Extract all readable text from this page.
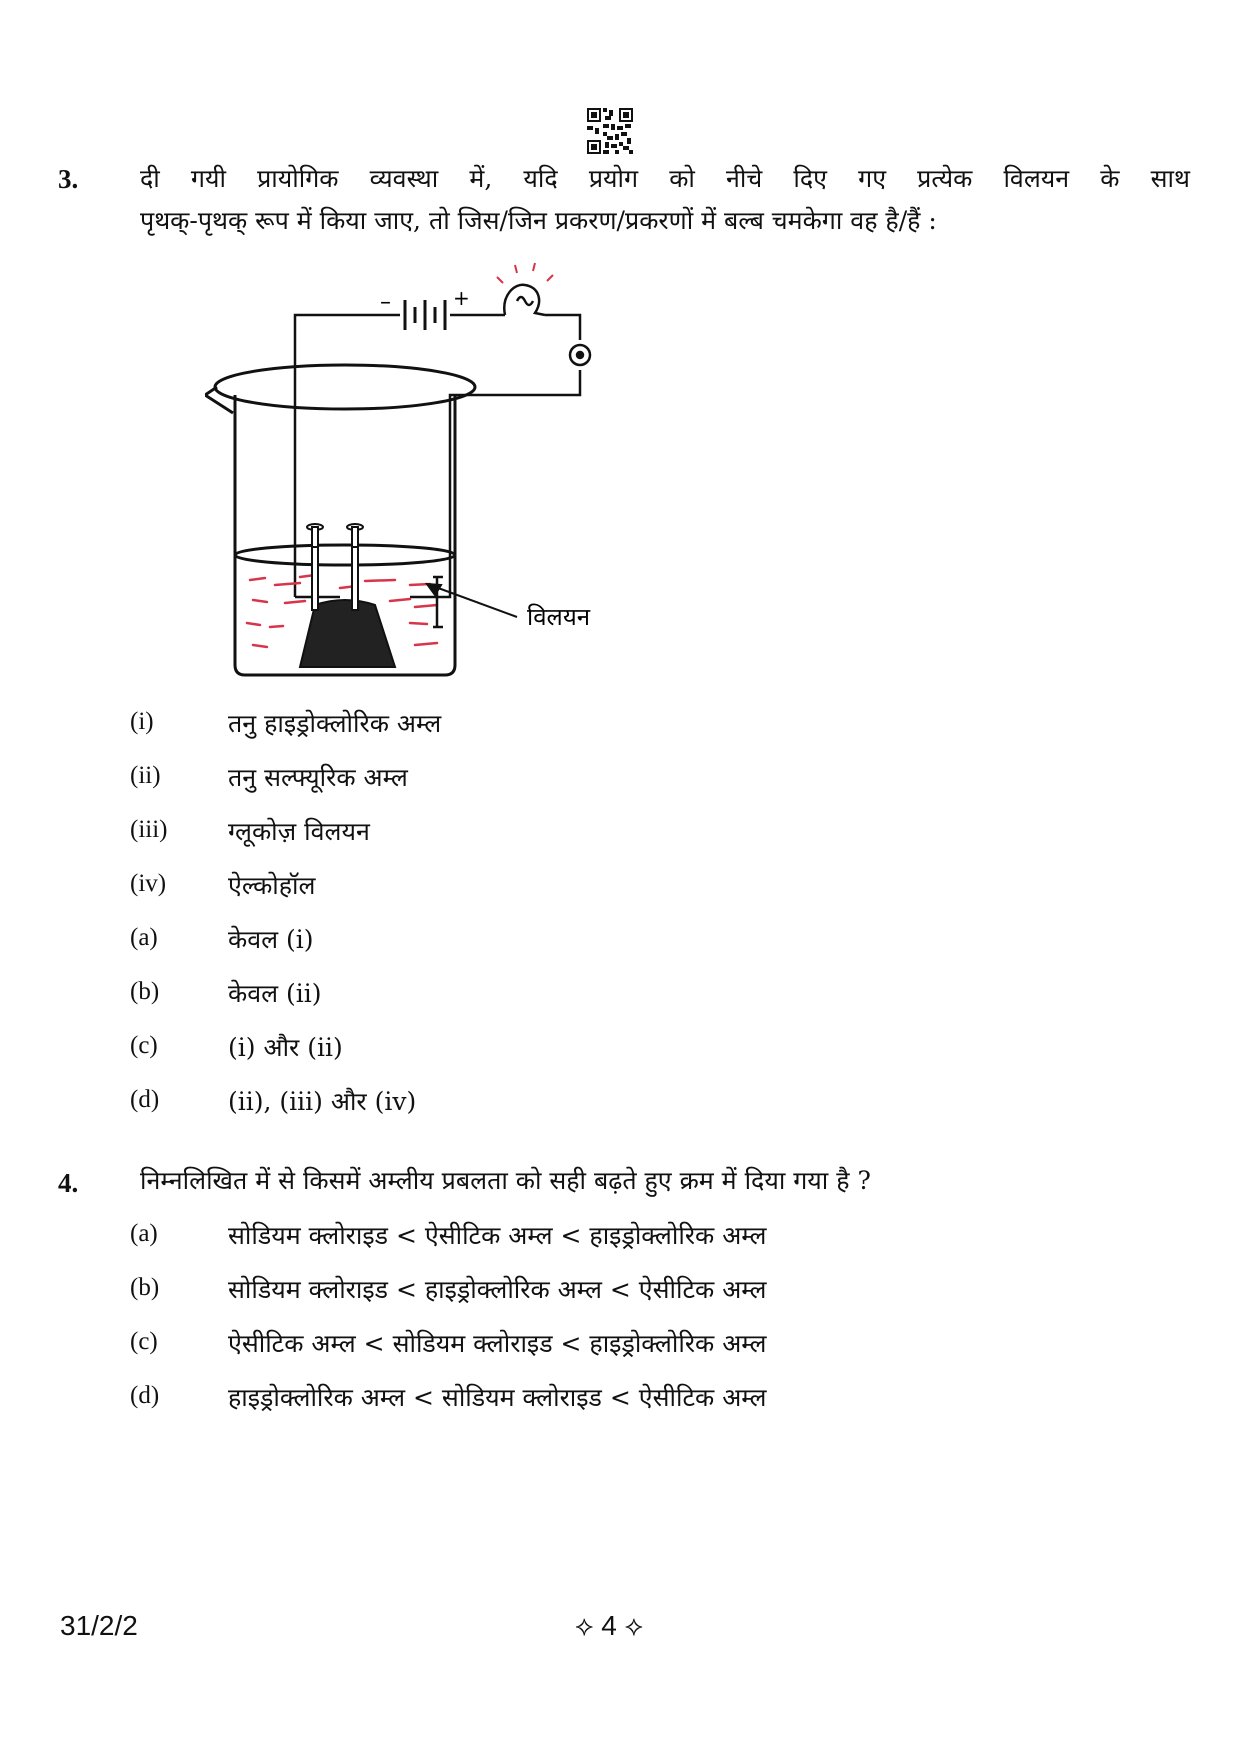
3. दी गयी प्रायोगिक व्यवस्था में, यदि प्रयोग को नीचे दिए गए प्रत्येक विलयन के साथ
पृथक्-पृथक् रूप में किया जाए, तो जिस/जिन प्रकरण/प्रकरणों में बल्ब चमकेगा वह है/हैं :
–	+
विलयन
(i)	तनु हाइड्रोक्लोरिक अम्ल
(ii)	तनु सल्फ्यूरिक अम्ल
(iii) ग्लूकोज़ विलयन
(iv) ऐल्कोहॉल
(a)	केवल (i)
(b)	केवल (ii)
(c)	(i) और (ii)
(d)	(ii), (iii) और (iv)
4. निम्नलिखित में से किसमें अम्लीय प्रबलता को सही बढ़ते हुए क्रम में दिया गया है ?
(a)	सोडियम क्लोराइड < ऐसीटिक अम्ल < हाइड्रोक्लोरिक अम्ल
(b)	सोडियम क्लोराइड < हाइड्रोक्लोरिक अम्ल < ऐसीटिक अम्ल
(c)	ऐसीटिक अम्ल < सोडियम क्लोराइड < हाइड्रोक्लोरिक अम्ल
(d)	हाइड्रोक्लोरिक अम्ल < सोडियम क्लोराइड < ऐसीटिक अम्ल
31/2/2	⟡ 4 ⟡
